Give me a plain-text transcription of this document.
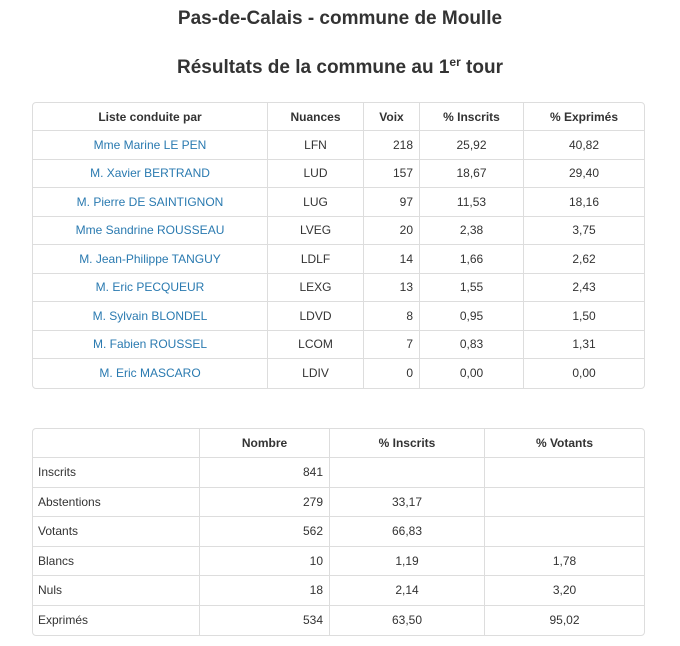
Pas-de-Calais - commune de Moulle
Résultats de la commune au 1er tour
Liste conduite par	Nuances	Voix	% Inscrits	% Exprimés
Mme Marine LE PEN	LFN	218	25,92	40,82
M. Xavier BERTRAND	LUD	157	18,67	29,40
M. Pierre DE SAINTIGNON	LUG	97	11,53	18,16
Mme Sandrine ROUSSEAU	LVEG	20	2,38	3,75
M. Jean-Philippe TANGUY	LDLF	14	1,66	2,62
M. Eric PECQUEUR	LEXG	13	1,55	2,43
M. Sylvain BLONDEL	LDVD	8	0,95	1,50
M. Fabien ROUSSEL	LCOM	7	0,83	1,31
M. Eric MASCARO	LDIV	0	0,00	0,00
	Nombre	% Inscrits	% Votants
Inscrits	841		
Abstentions	279	33,17	
Votants	562	66,83	
Blancs	10	1,19	1,78
Nuls	18	2,14	3,20
Exprimés	534	63,50	95,02
